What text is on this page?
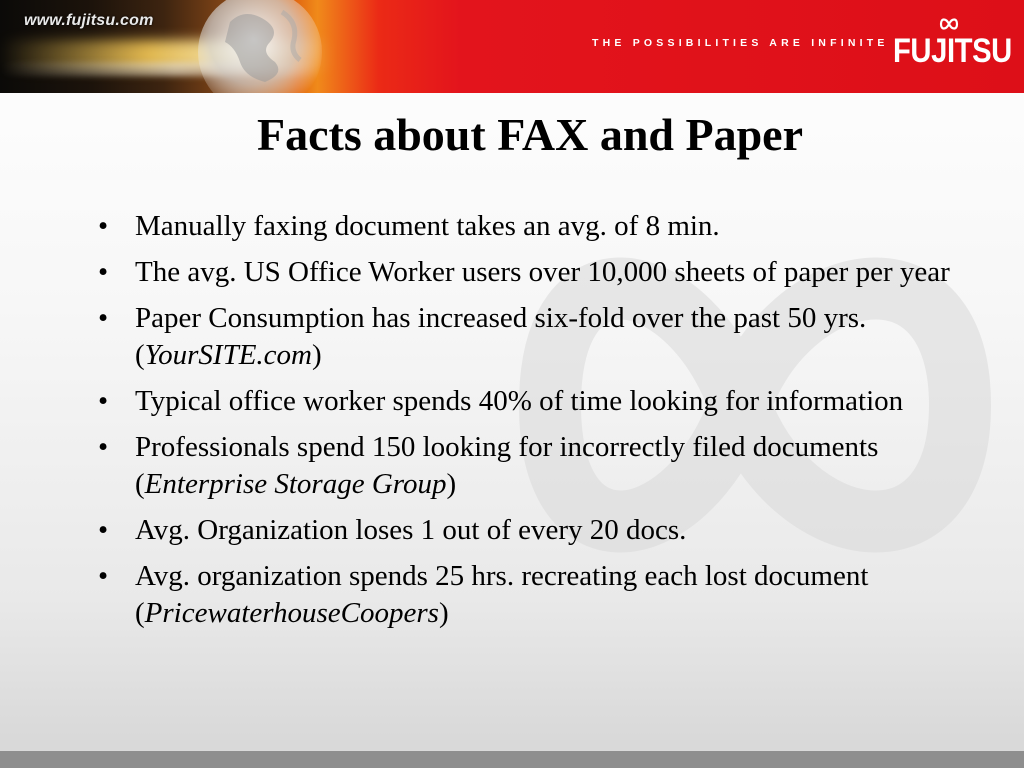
www.fujitsu.com
THE POSSIBILITIES ARE INFINITE FUJITSU
Facts about FAX and Paper
• Manually faxing document takes an avg. of 8 min.
• The avg. US Office Worker users over 10,000 sheets of paper per year
• Paper Consumption has increased six-fold over the past 50 yrs. (YourSITE.com)
• Typical office worker spends 40% of time looking for information
• Professionals spend 150 looking for incorrectly filed documents (Enterprise Storage Group)
• Avg. Organization loses 1 out of every 20 docs.
• Avg. organization spends 25 hrs. recreating each lost document (PricewaterhouseCoopers)
